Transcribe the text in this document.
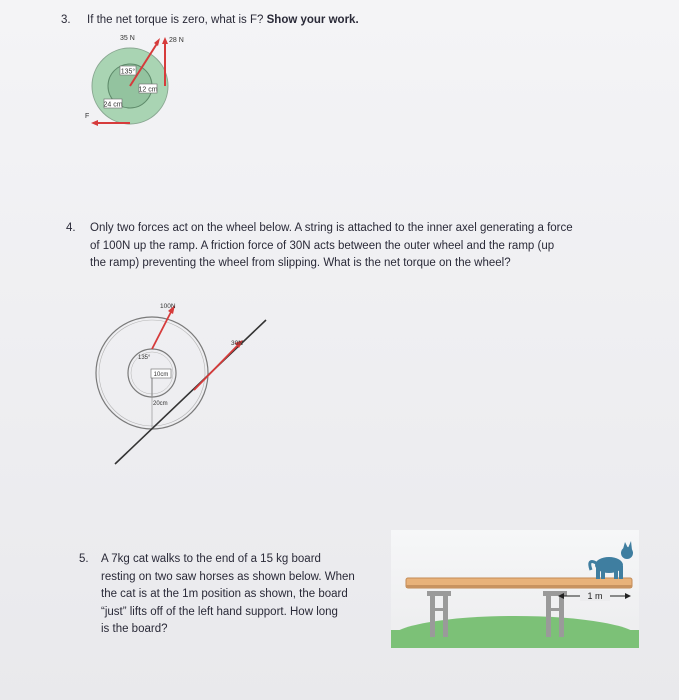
3. If the net torque is zero, what is F? Show your work.
135°
12 cm
24 cm
35 N	28 N
F
4. Only two forces act on the wheel below. A string is attached to the inner axel generating a force
of 100N up the ramp. A friction force of 30N acts between the outer wheel and the ramp (up
the ramp) preventing the wheel from slipping. What is the net torque on the wheel?
100N
30N
135°
10cm
20cm
5. A 7kg cat walks to the end of a 15 kg board
resting on two saw horses as shown below. When
the cat is at the 1m position as shown, the board
“just” lifts off of the left hand support. How long
is the board?
1 m
